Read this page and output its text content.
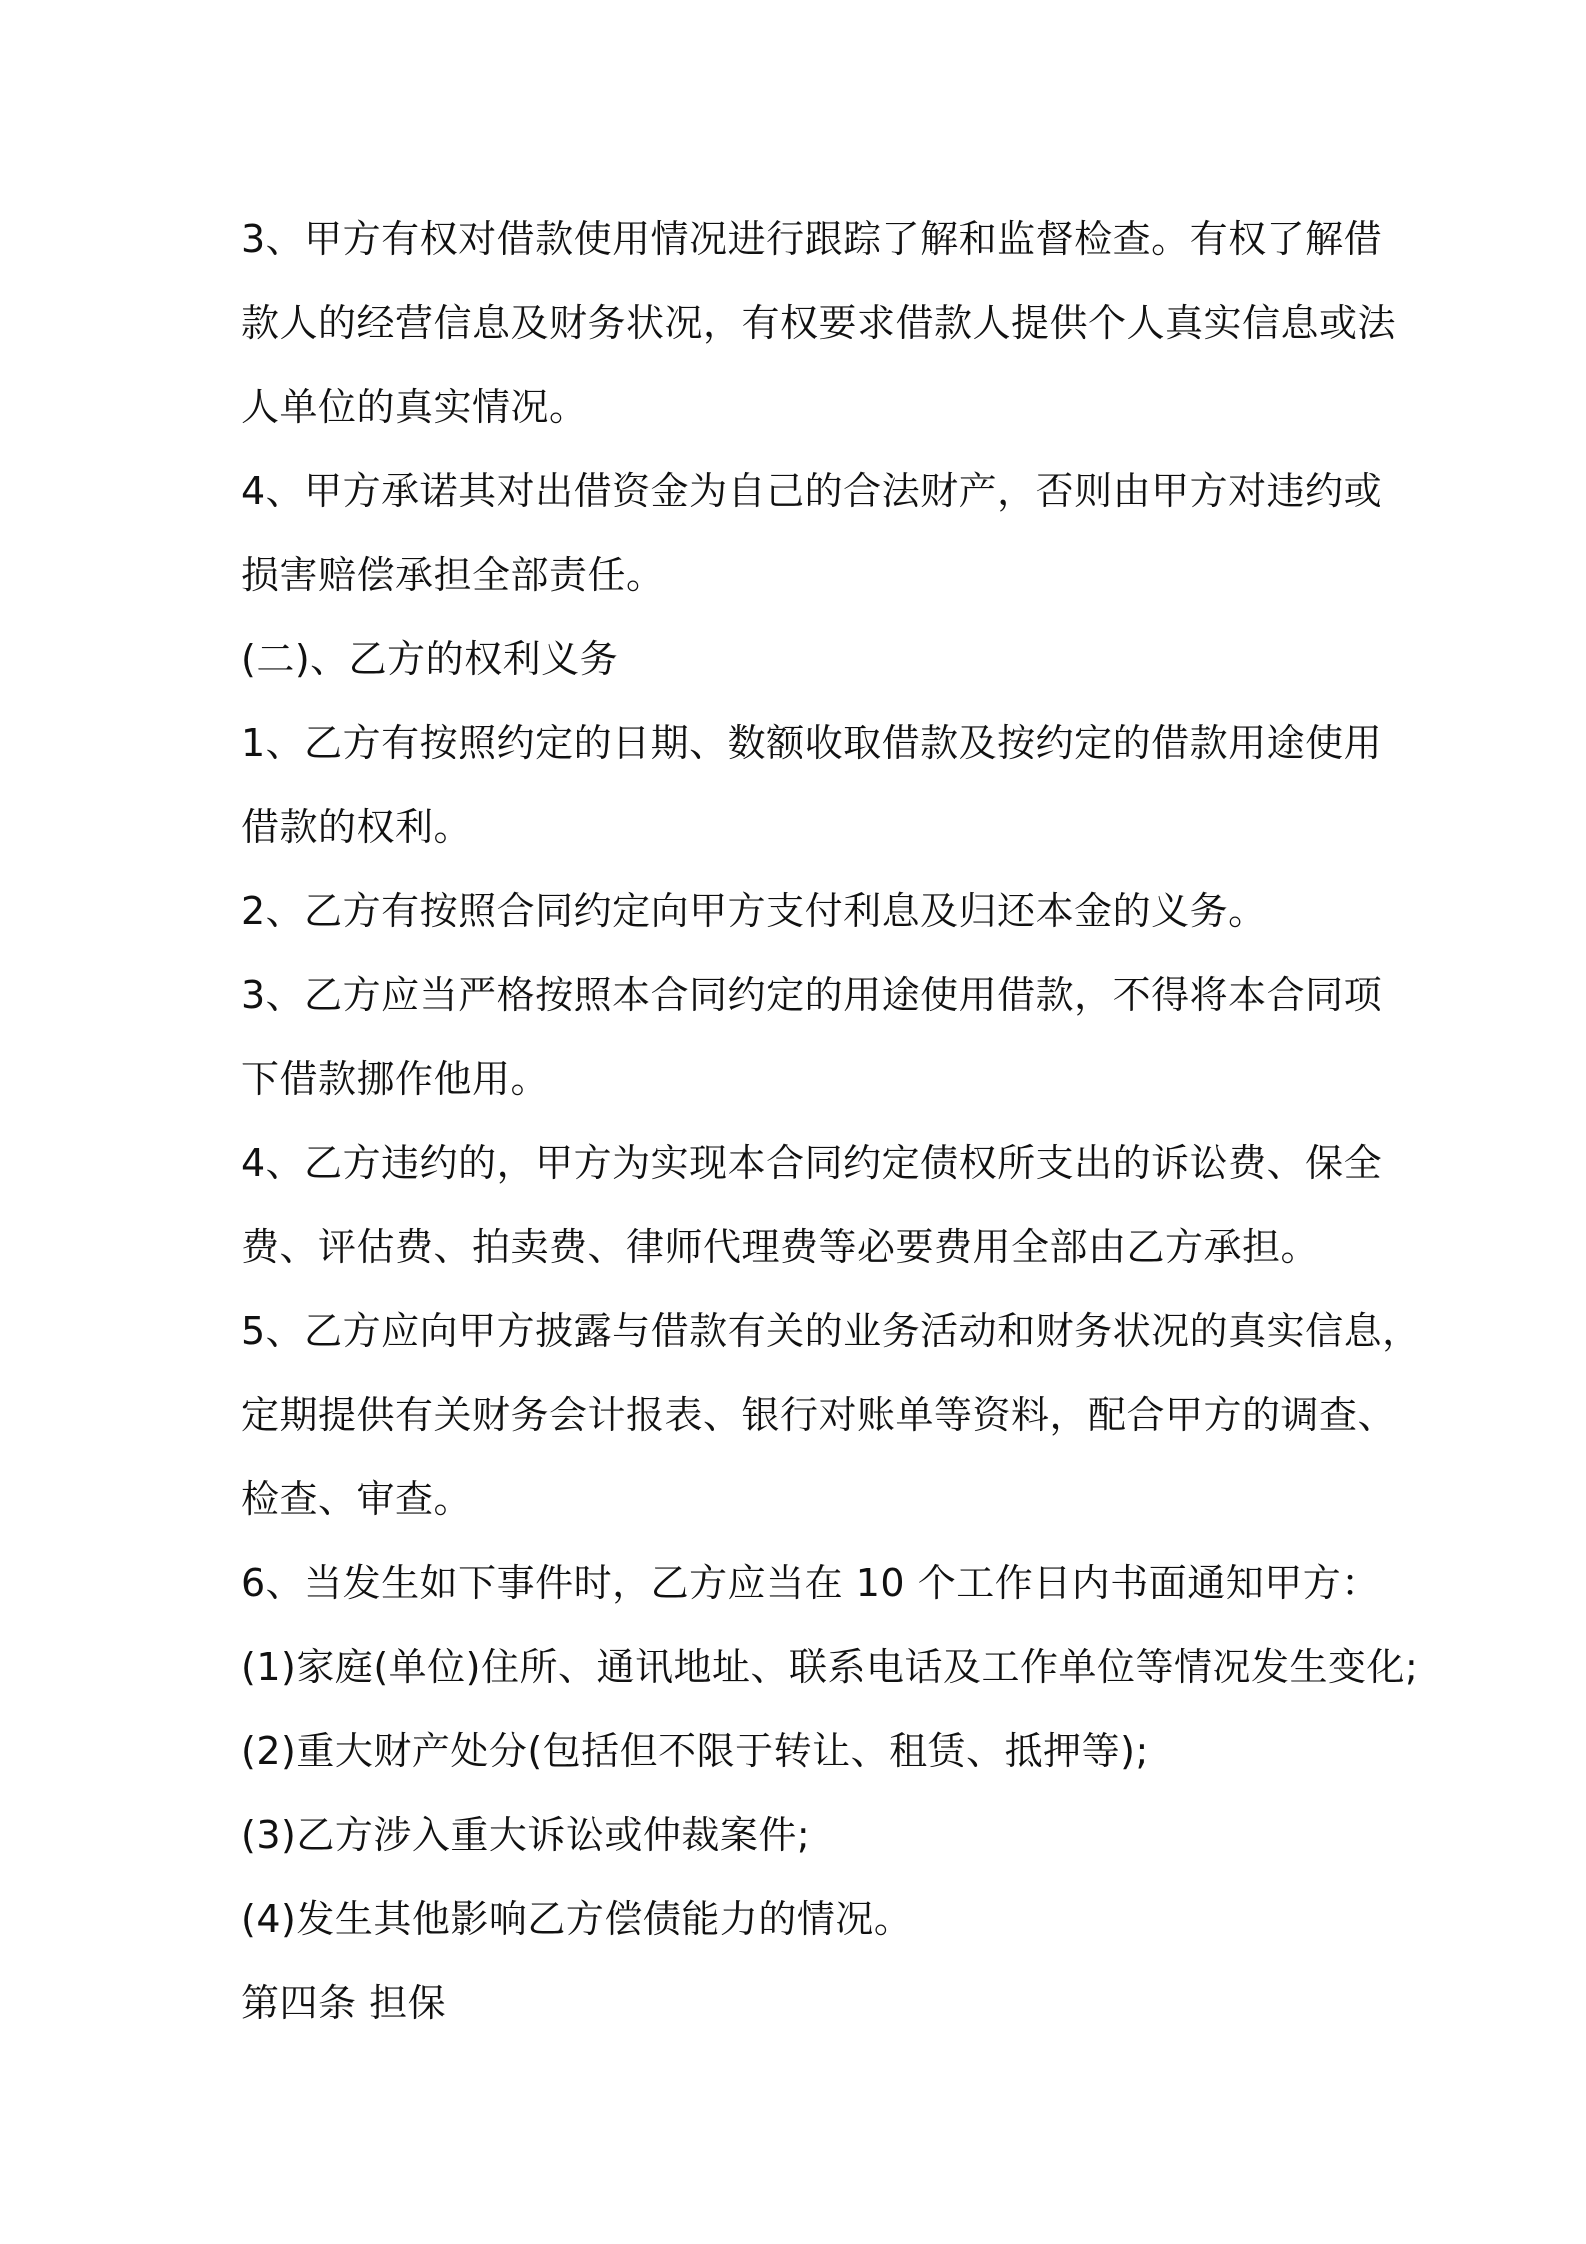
3、甲方有权对借款使用情况进行跟踪了解和监督检查。有权了解借
款人的经营信息及财务状况，有权要求借款人提供个人真实信息或法
人单位的真实情况。
4、甲方承诺其对出借资金为自己的合法财产，否则由甲方对违约或
损害赔偿承担全部责任。
(二)、乙方的权利义务
1、乙方有按照约定的日期、数额收取借款及按约定的借款用途使用
借款的权利。
2、乙方有按照合同约定向甲方支付利息及归还本金的义务。
3、乙方应当严格按照本合同约定的用途使用借款，不得将本合同项
下借款挪作他用。
4、乙方违约的，甲方为实现本合同约定债权所支出的诉讼费、保全
费、评估费、拍卖费、律师代理费等必要费用全部由乙方承担。
5、乙方应向甲方披露与借款有关的业务活动和财务状况的真实信息，
定期提供有关财务会计报表、银行对账单等资料，配合甲方的调查、
检查、审查。
6、当发生如下事件时，乙方应当在 10 个工作日内书面通知甲方：
(1)家庭(单位)住所、通讯地址、联系电话及工作单位等情况发生变化;
(2)重大财产处分(包括但不限于转让、租赁、抵押等);
(3)乙方涉入重大诉讼或仲裁案件;
(4)发生其他影响乙方偿债能力的情况。
第四条 担保
